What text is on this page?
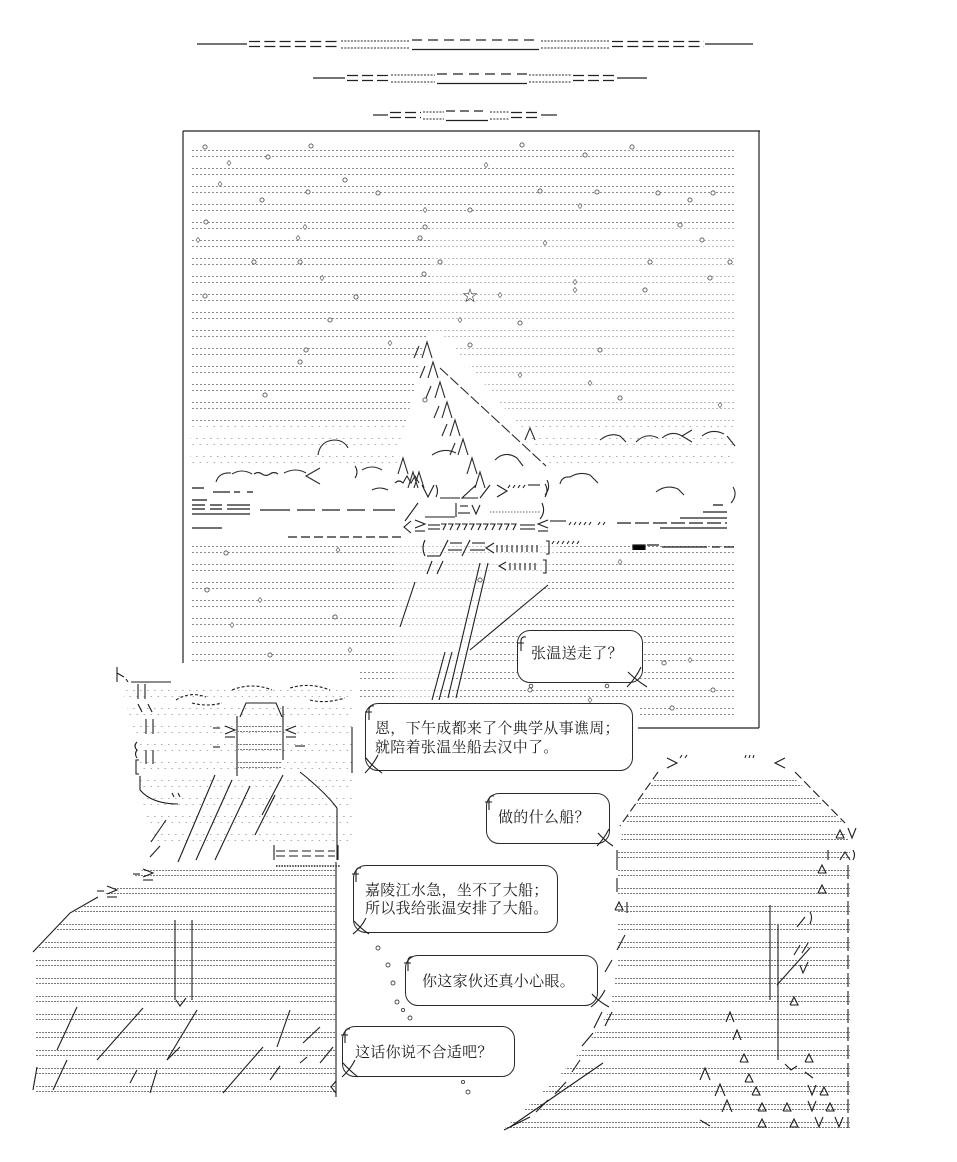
☆
张温送走了？
恩，下午成都来了个典学从事谯周；
就陪着张温坐船去汉中了。
做的什么船？
嘉陵江水急，坐不了大船；
所以我给张温安排了大船。
你这家伙还真小心眼。
这话你说不合适吧？
